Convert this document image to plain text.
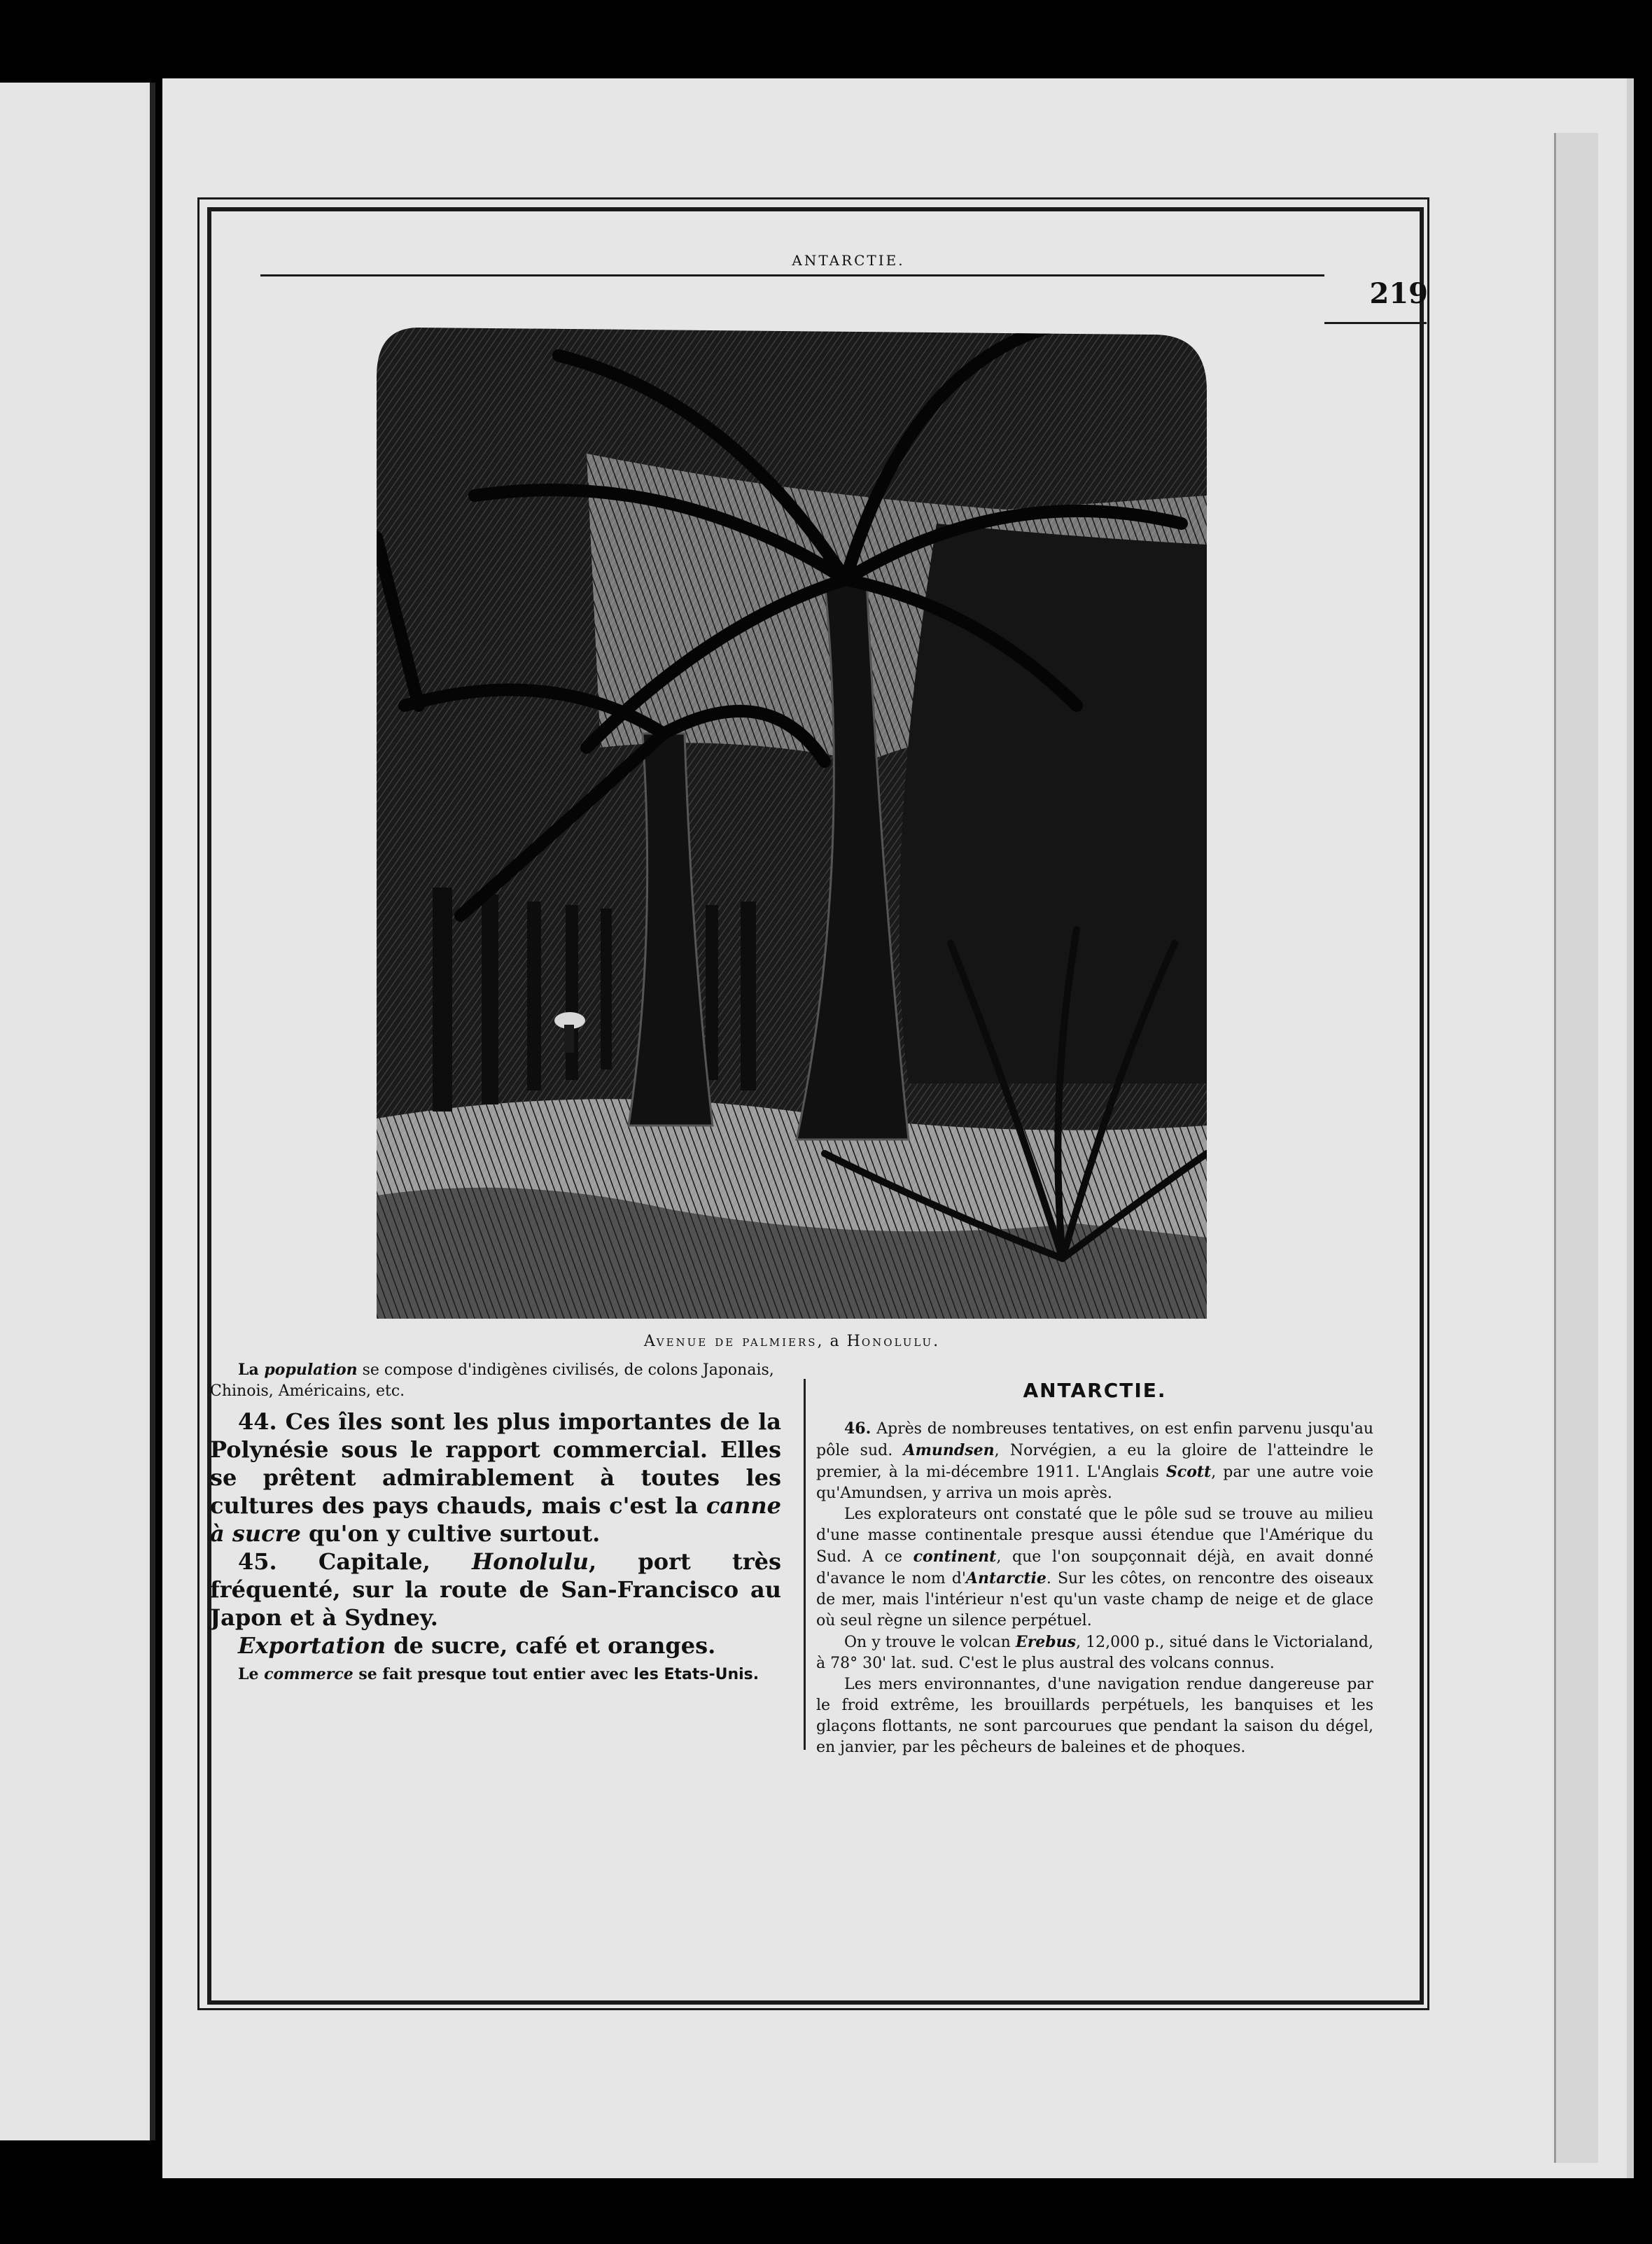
ANTARCTIE.
219
Avenue de palmiers, a Honolulu.

La population se compose d'indigènes civilisés, de colons Japonais, Chinois, Américains, etc.

44. Ces îles sont les plus importantes de la Polynésie sous le rapport commercial. Elles se prêtent admirablement à toutes les cultures des pays chauds, mais c'est la canne à sucre qu'on y cultive surtout.

45. Capitale, Honolulu, port très fréquenté, sur la route de San-Francisco au Japon et à Sydney.

Exportation de sucre, café et oranges.

Le commerce se fait presque tout entier avec les Etats-Unis.

ANTARCTIE.

46. Après de nombreuses tentatives, on est enfin parvenu jusqu'au pôle sud. Amundsen, Norvégien, a eu la gloire de l'atteindre le premier, à la mi-décembre 1911. L'Anglais Scott, par une autre voie qu'Amundsen, y arriva un mois après.

Les explorateurs ont constaté que le pôle sud se trouve au milieu d'une masse continentale presque aussi étendue que l'Amérique du Sud. A ce continent, que l'on soupçonnait déjà, en avait donné d'avance le nom d'Antarctie. Sur les côtes, on rencontre des oiseaux de mer, mais l'intérieur n'est qu'un vaste champ de neige et de glace où seul règne un silence perpétuel.

On y trouve le volcan Erebus, 12,000 p., situé dans le Victorialand, à 78° 30' lat. sud. C'est le plus austral des volcans connus.

Les mers environnantes, d'une navigation rendue dangereuse par le froid extrême, les brouillards perpétuels, les banquises et les glaçons flottants, ne sont parcourues que pendant la saison du dégel, en janvier, par les pêcheurs de baleines et de phoques.
